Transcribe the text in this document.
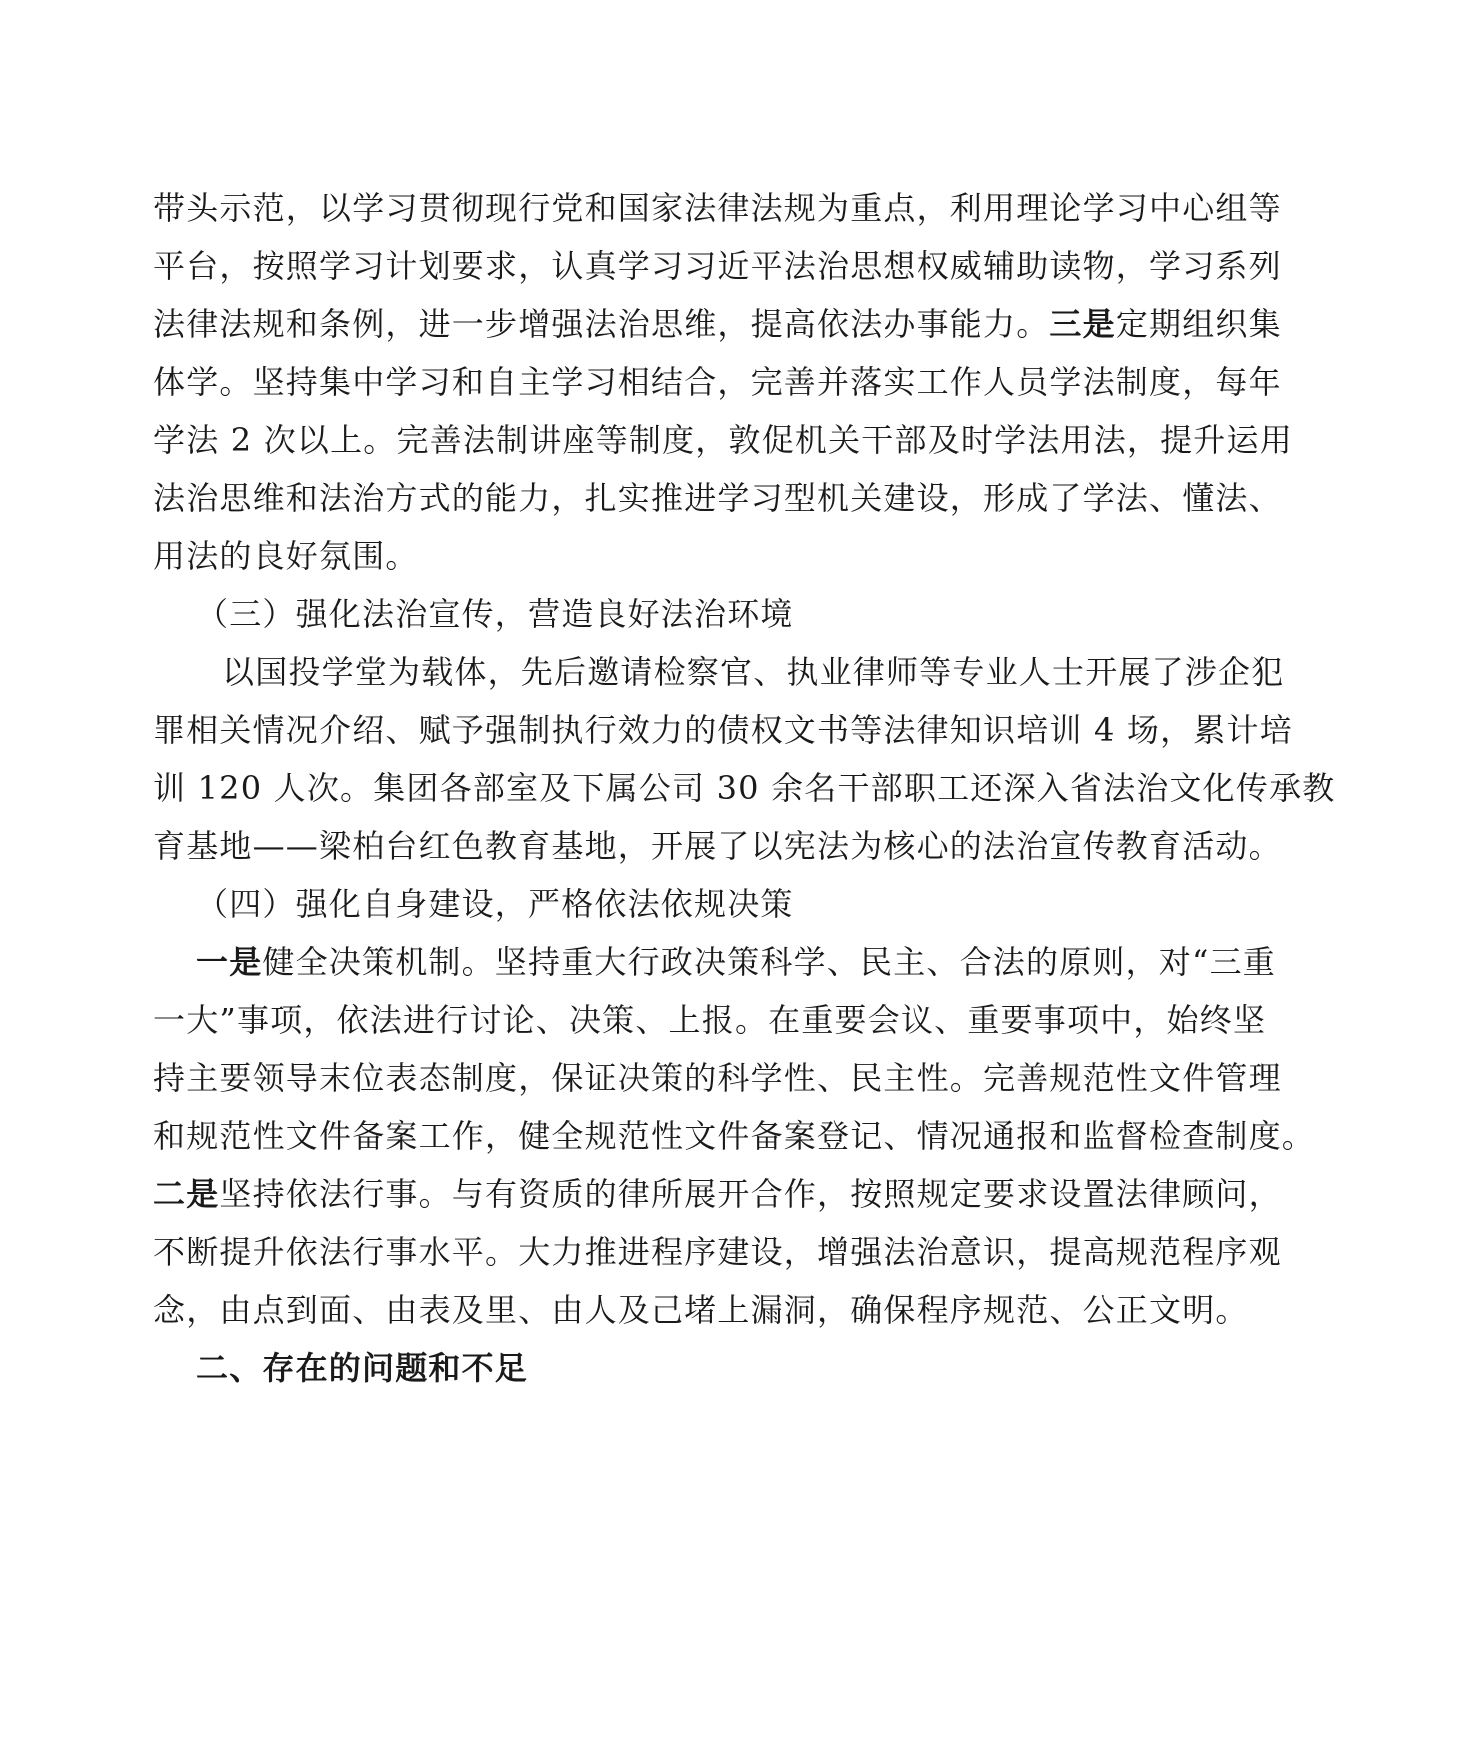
带头示范，以学习贯彻现行党和国家法律法规为重点，利用理论学习中心组等
平台，按照学习计划要求，认真学习习近平法治思想权威辅助读物，学习系列
法律法规和条例，进一步增强法治思维，提高依法办事能力。三是定期组织集
体学。坚持集中学习和自主学习相结合，完善并落实工作人员学法制度，每年
学法 2 次以上。完善法制讲座等制度，敦促机关干部及时学法用法，提升运用
法治思维和法治方式的能力，扎实推进学习型机关建设，形成了学法、懂法、
用法的良好氛围。
（三）强化法治宣传，营造良好法治环境
以国投学堂为载体，先后邀请检察官、执业律师等专业人士开展了涉企犯
罪相关情况介绍、赋予强制执行效力的债权文书等法律知识培训 4 场，累计培
训 120 人次。集团各部室及下属公司 30 余名干部职工还深入省法治文化传承教
育基地——梁柏台红色教育基地，开展了以宪法为核心的法治宣传教育活动。
（四）强化自身建设，严格依法依规决策
一是健全决策机制。坚持重大行政决策科学、民主、合法的原则，对“三重
一大”事项，依法进行讨论、决策、上报。在重要会议、重要事项中，始终坚
持主要领导末位表态制度，保证决策的科学性、民主性。完善规范性文件管理
和规范性文件备案工作，健全规范性文件备案登记、情况通报和监督检查制度。
二是坚持依法行事。与有资质的律所展开合作，按照规定要求设置法律顾问，
不断提升依法行事水平。大力推进程序建设，增强法治意识，提高规范程序观
念，由点到面、由表及里、由人及己堵上漏洞，确保程序规范、公正文明。
二、存在的问题和不足
